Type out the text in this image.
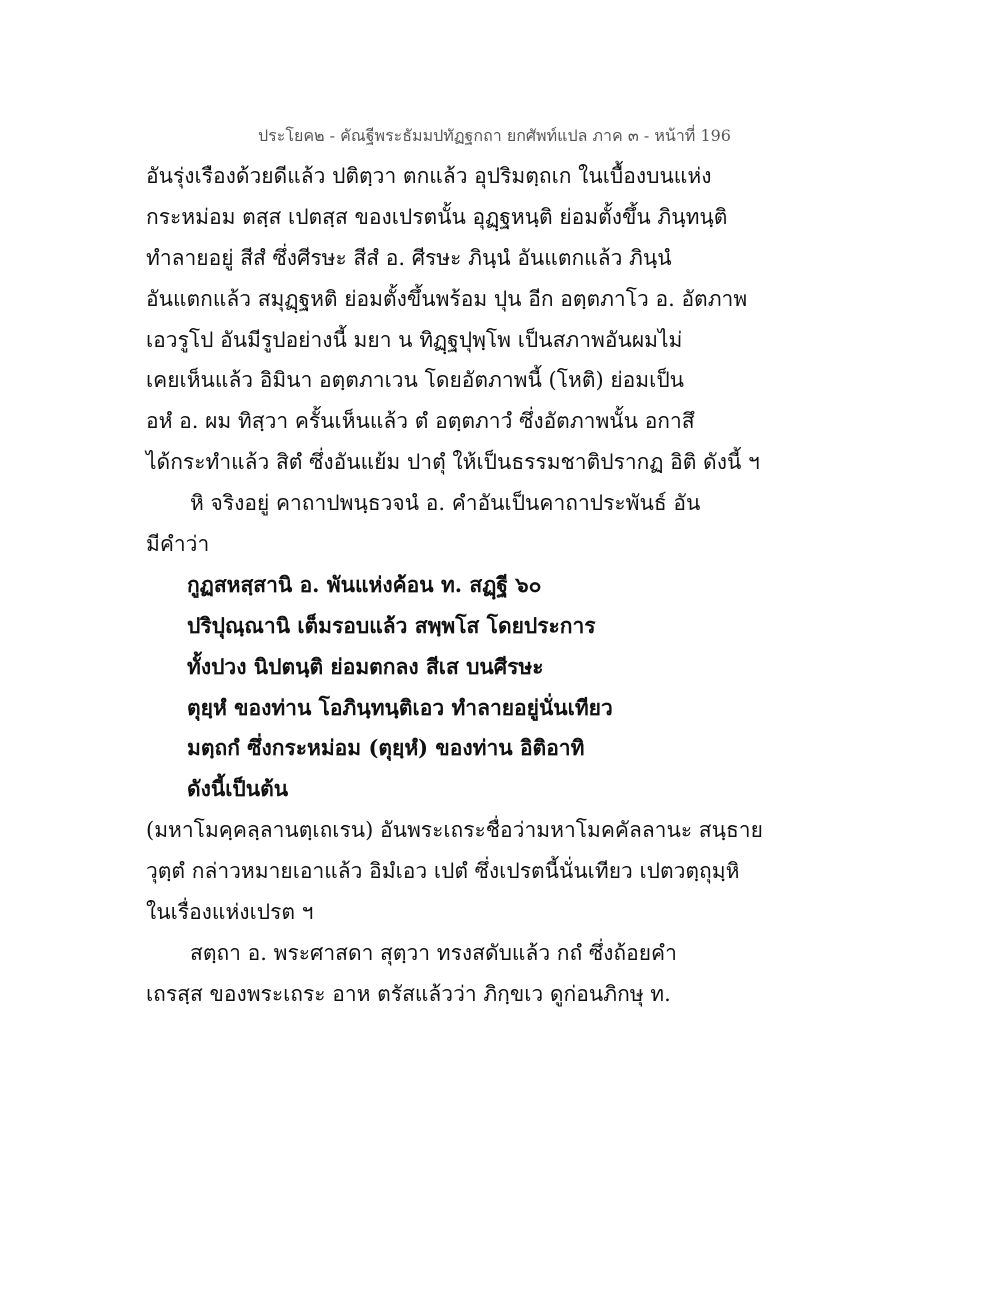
ประโยค๒ - คัณฐีพระธัมมปทัฏฐกถา ยกศัพท์แปล ภาค ๓ - หน้าที่ 196
อันรุ่งเรืองด้วยดีแล้ว ปติตฺวา ตกแล้ว อุปริมตฺถเก ในเบื้องบนแห่ง
กระหม่อม ตสฺส เปตสฺส ของเปรตนั้น อุฏฺฐหนฺติ ย่อมตั้งขึ้น ภินฺทนฺติ
ทำลายอยู่ สีสํ ซึ่งศีรษะ สีสํ อ. ศีรษะ ภินฺนํ อันแตกแล้ว ภินฺนํ
อันแตกแล้ว สมุฏฺฐหติ ย่อมตั้งขึ้นพร้อม ปุน อีก อตฺตภาโว อ. อัตภาพ
เอวรูโป อันมีรูปอย่างนี้ มยา น ทิฏฺฐปุพฺโพ เป็นสภาพอันผมไม่
เคยเห็นแล้ว อิมินา อตฺตภาเวน โดยอัตภาพนี้ (โหติ) ย่อมเป็น
อหํ อ. ผม ทิสฺวา ครั้นเห็นแล้ว ตํ อตฺตภาวํ ซึ่งอัตภาพนั้น อกาสึ
ได้กระทำแล้ว สิตํ ซึ่งอันแย้ม ปาตุํ ให้เป็นธรรมชาติปรากฏ อิติ ดังนี้ ฯ
หิ จริงอยู่ คาถาปพนฺธวจนํ อ. คำอันเป็นคาถาประพันธ์ อัน
มีคำว่า
กูฏสหสฺสานิ อ. พันแห่งค้อน ท. สฏฺฐี ๖๐
ปริปุณฺณานิ เต็มรอบแล้ว สพฺพโส โดยประการ
ทั้งปวง นิปตนฺติ ย่อมตกลง สีเส บนศีรษะ
ตุยฺหํ ของท่าน โอภินฺทนฺติเอว ทำลายอยู่นั่นเทียว
มตฺถกํ ซึ่งกระหม่อม (ตุยฺหํ) ของท่าน อิติอาทิ
ดังนี้เป็นต้น
(มหาโมคฺคลฺลานตฺเถเรน) อันพระเถระชื่อว่ามหาโมคคัลลานะ สนฺธาย
วุตฺตํ กล่าวหมายเอาแล้ว อิมํเอว เปตํ ซึ่งเปรตนี้นั่นเทียว เปตวตฺถุมฺหิ
ในเรื่องแห่งเปรต ฯ
สตฺถา อ. พระศาสดา สุตฺวา ทรงสดับแล้ว กถํ ซึ่งถ้อยคำ
เถรสฺส ของพระเถระ อาห ตรัสแล้วว่า ภิกฺขเว ดูก่อนภิกษุ ท.
